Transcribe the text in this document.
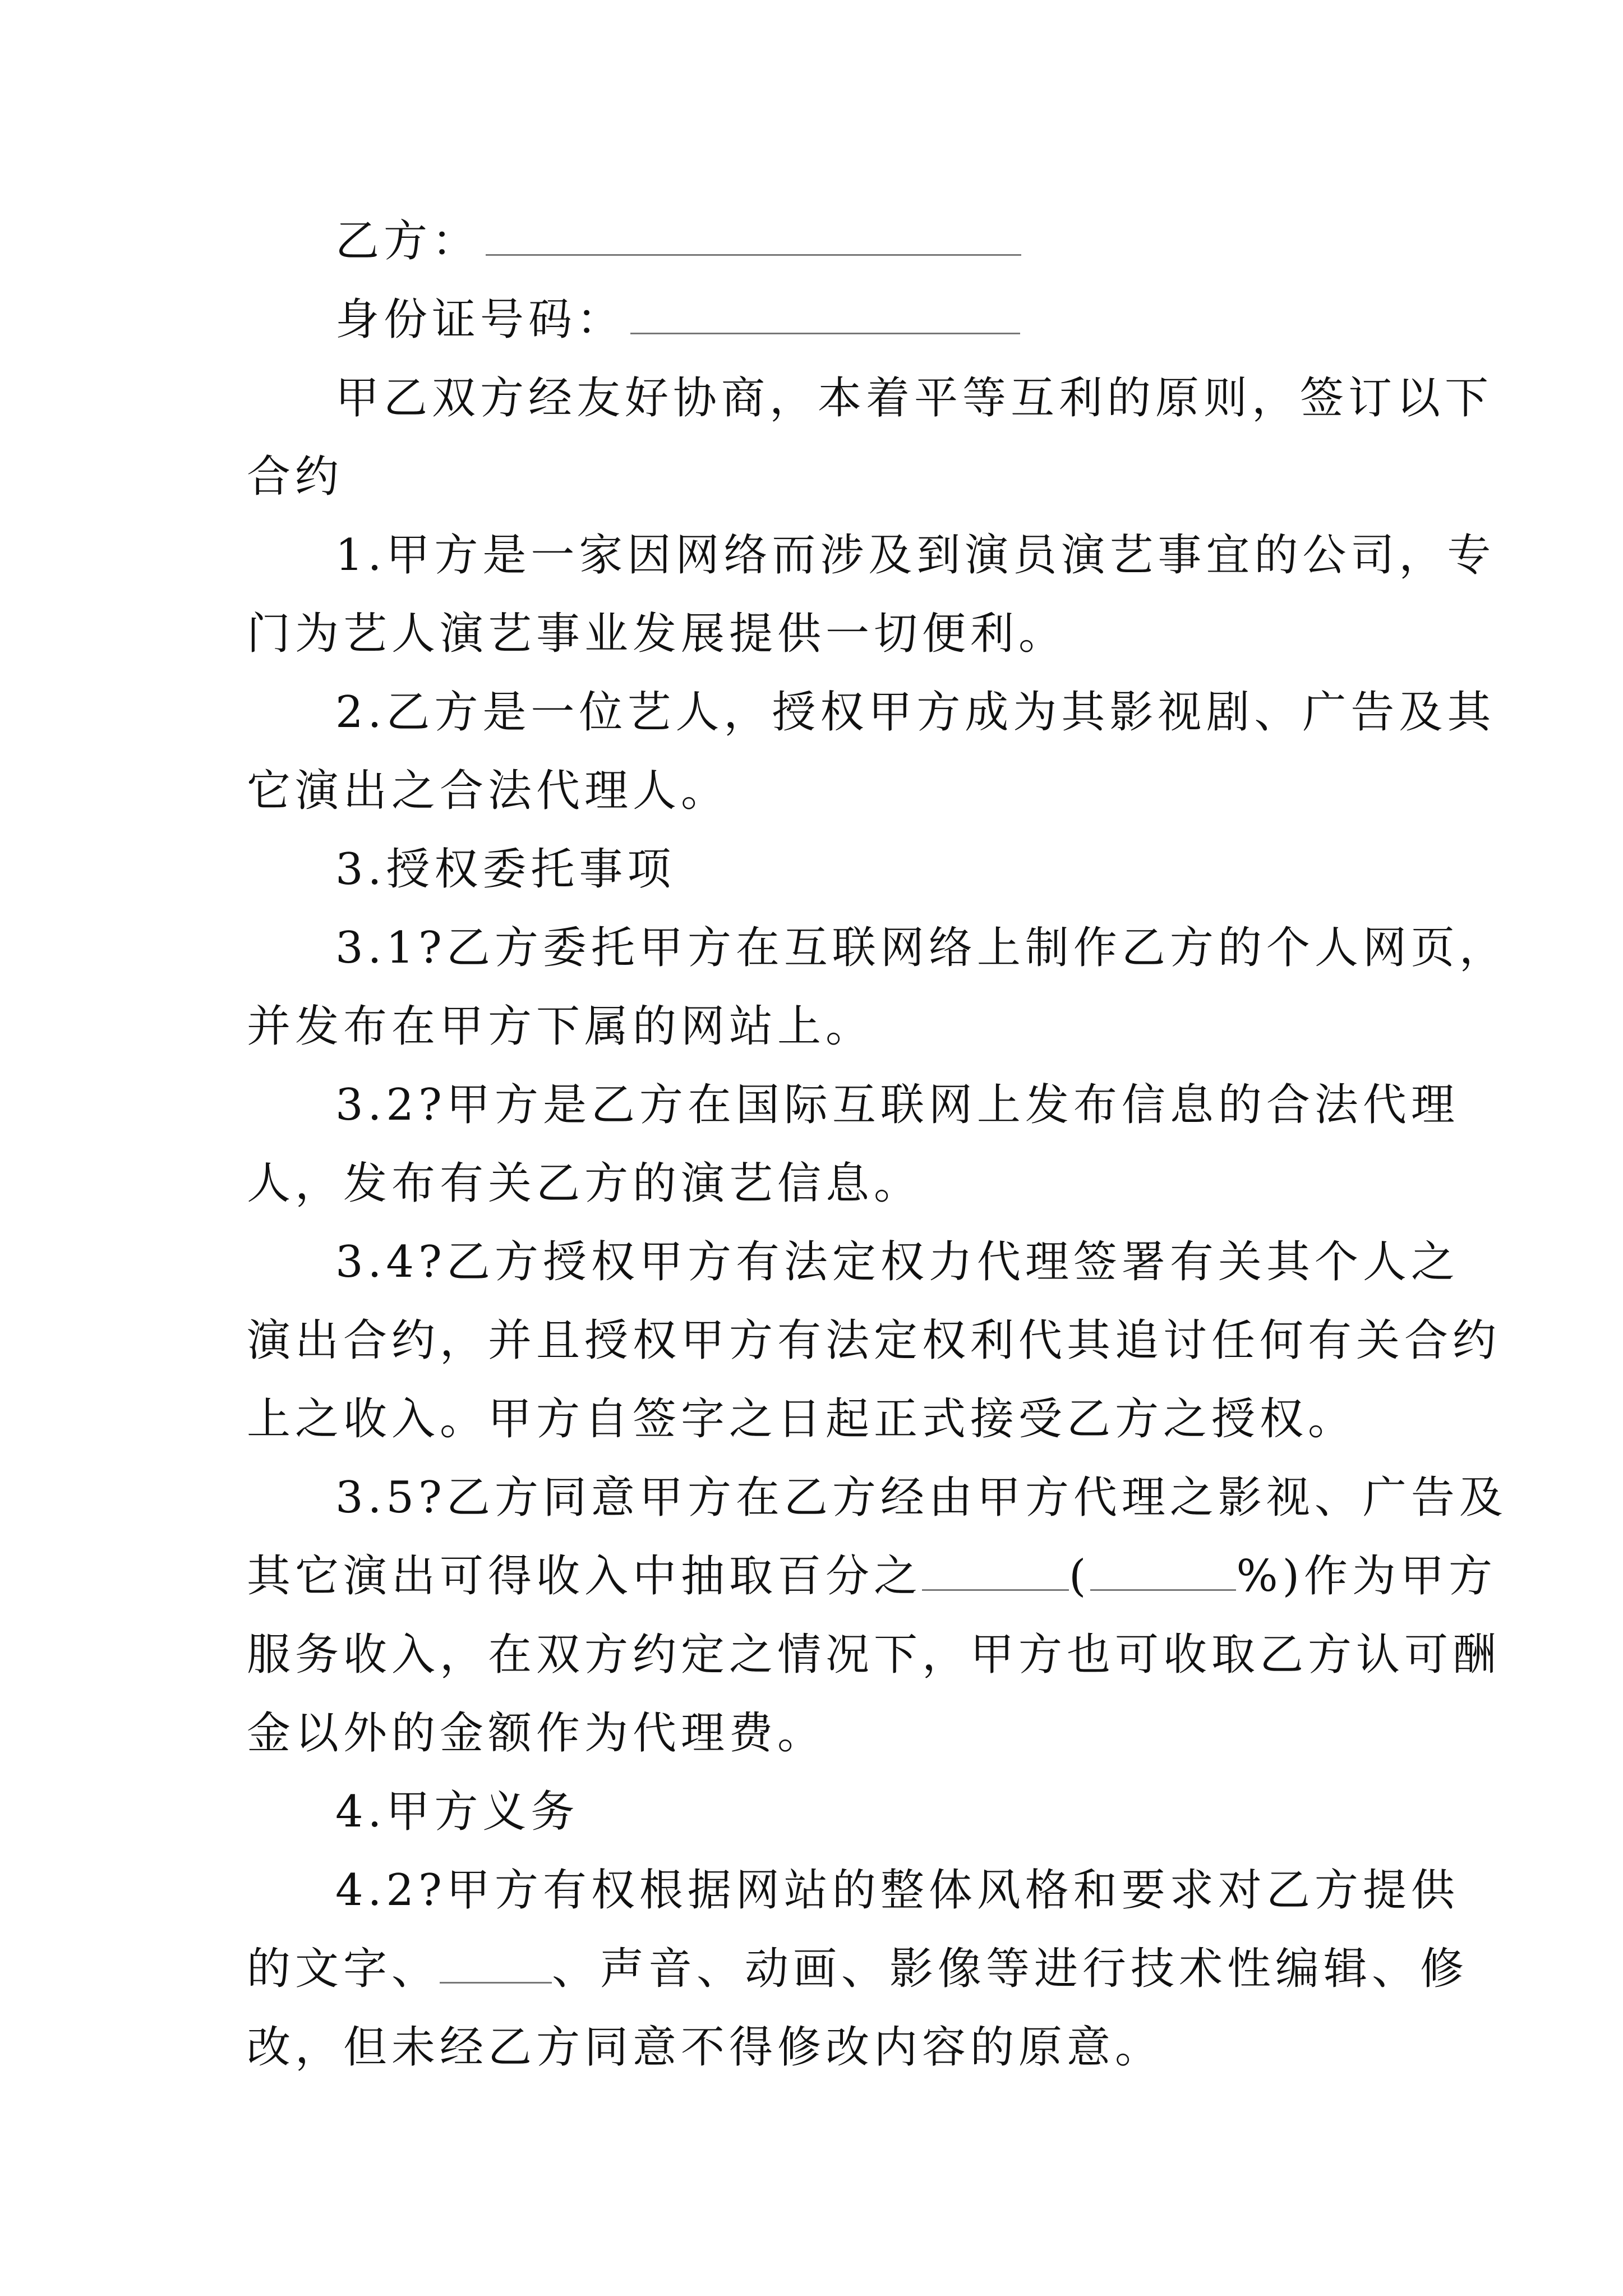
乙方：
身份证号码：
甲乙双方经友好协商，本着平等互利的原则，签订以下
合约
1.甲方是一家因网络而涉及到演员演艺事宜的公司，专
门为艺人演艺事业发展提供一切便利。
2.乙方是一位艺人，授权甲方成为其影视剧、广告及其
它演出之合法代理人。
3.授权委托事项
3.1?乙方委托甲方在互联网络上制作乙方的个人网页，
并发布在甲方下属的网站上。
3.2?甲方是乙方在国际互联网上发布信息的合法代理
人，发布有关乙方的演艺信息。
3.4?乙方授权甲方有法定权力代理签署有关其个人之
演出合约，并且授权甲方有法定权利代其追讨任何有关合约
上之收入。甲方自签字之日起正式接受乙方之授权。
3.5?乙方同意甲方在乙方经由甲方代理之影视、广告及
其它演出可得收入中抽取百分之	(	%)作为甲方
服务收入，在双方约定之情况下，甲方也可收取乙方认可酬
金以外的金额作为代理费。
4.甲方义务
4.2?甲方有权根据网站的整体风格和要求对乙方提供
的文字、	、声音、动画、影像等进行技术性编辑、修
改，但未经乙方同意不得修改内容的原意。
